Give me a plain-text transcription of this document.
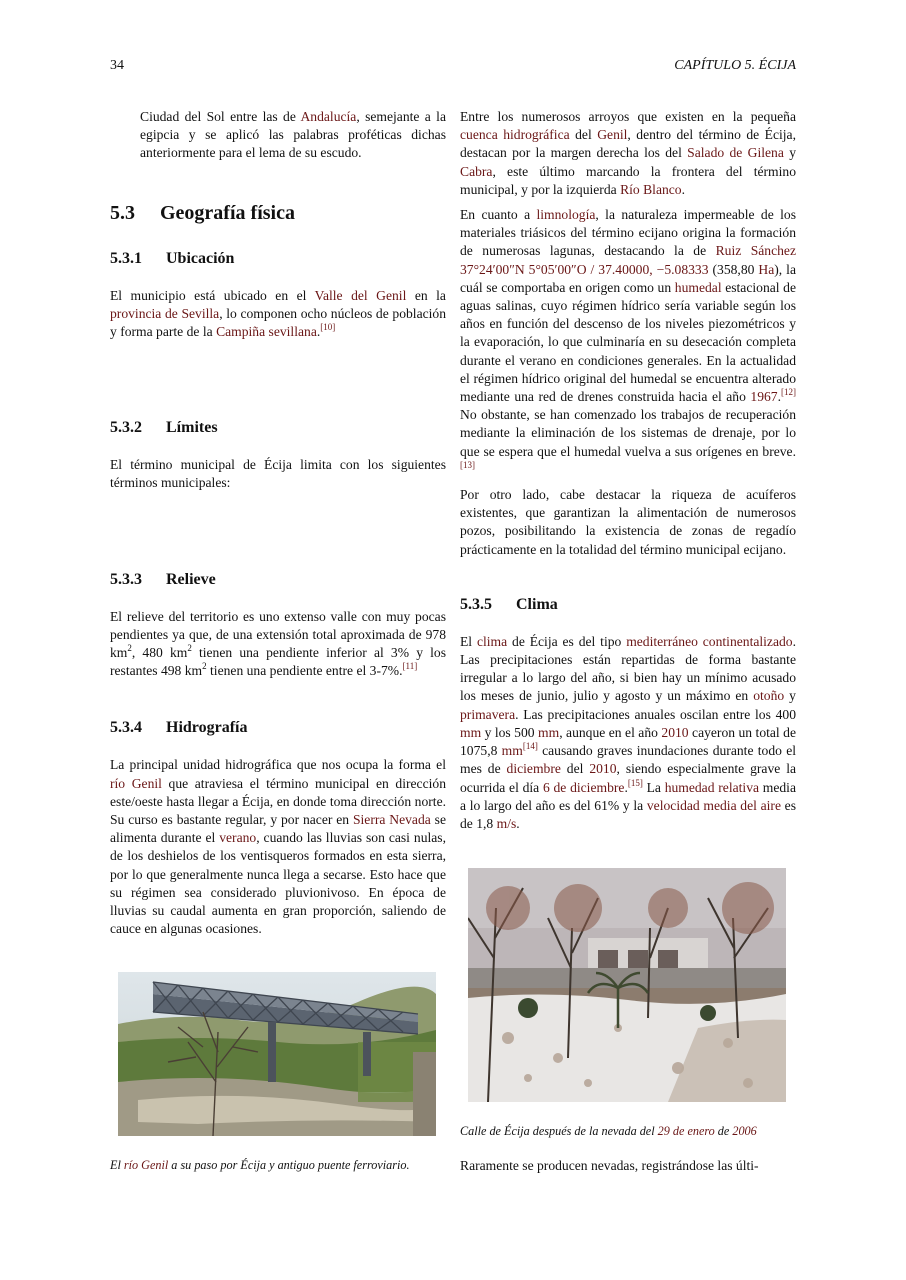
34	CAPÍTULO 5. ÉCIJA

Ciudad del Sol entre las de Andalucía, semejante a la egipcia y se aplicó las palabras proféticas dichas anteriormente para el lema de su escudo.

5.3 Geografía física
5.3.1 Ubicación

El municipio está ubicado en el Valle del Genil en la provincia de Sevilla, lo componen ocho núcleos de población y forma parte de la Campiña sevillana.[10]

5.3.2 Límites

El término municipal de Écija limita con los siguientes términos municipales:

5.3.3 Relieve

El relieve del territorio es uno extenso valle con muy pocas pendientes ya que, de una extensión total aproximada de 978 $km^2$, 480 $km^2$ tienen una pendiente inferior al 3% y los restantes 498 $km^2$ tienen una pendiente entre el 3-7%.[11]

5.3.4 Hidrografía

La principal unidad hidrográfica que nos ocupa la forma el río Genil que atraviesa el término municipal en dirección este/oeste hasta llegar a Écija, en donde toma dirección norte. Su curso es bastante regular, y por nacer en Sierra Nevada se alimenta durante el verano, cuando las lluvias son casi nulas, de los deshielos de los ventisqueros formados en esta sierra, por lo que generalmente nunca llega a secarse. Esto hace que su régimen sea considerado pluvionivoso. En época de lluvias su caudal aumenta en gran proporción, saliendo de cauce en algunas ocasiones.

El río Genil a su paso por Écija y antiguo puente ferroviario.

Entre los numerosos arroyos que existen en la pequeña cuenca hidrográfica del Genil, dentro del término de Écija, destacan por la margen derecha los del Salado de Gilena y Cabra, este último marcando la frontera del término municipal, y por la izquierda Río Blanco.

En cuanto a limnología, la naturaleza impermeable de los materiales triásicos del término ecijano origina la formación de numerosas lagunas, destacando la de Ruiz Sánchez 37°24′00″N 5°05′00″O / 37.40000, −5.08333 (358,80 Ha), la cuál se comportaba en origen como un humedal estacional de aguas salinas, cuyo régimen hídrico sería variable según los años en función del descenso de los niveles piezométricos y la evaporación, lo que culminaría en su desecación completa durante el verano en condiciones generales. En la actualidad el régimen hídrico original del humedal se encuentra alterado mediante una red de drenes construida hacia el año 1967.[12] No obstante, se han comenzado los trabajos de recuperación mediante la eliminación de los sistemas de drenaje, por lo que se espera que el humedal vuelva a sus orígenes en breve.[13]

Por otro lado, cabe destacar la riqueza de acuíferos existentes, que garantizan la alimentación de numerosos pozos, posibilitando la existencia de zonas de regadío prácticamente en la totalidad del término municipal ecijano.

5.3.5 Clima

El clima de Écija es del tipo mediterráneo continentalizado. Las precipitaciones están repartidas de forma bastante irregular a lo largo del año, si bien hay un mínimo acusado los meses de junio, julio y agosto y un máximo en otoño y primavera. Las precipitaciones anuales oscilan entre los 400 mm y los 500 mm, aunque en el año 2010 cayeron un total de 1075,8 mm[14] causando graves inundaciones durante todo el mes de diciembre del 2010, siendo especialmente grave la ocurrida el día 6 de diciembre.[15] La humedad relativa media a lo largo del año es del 61% y la velocidad media del aire es de 1,8 m/s.

Calle de Écija después de la nevada del 29 de enero de 2006

Raramente se producen nevadas, registrándose las últi-
